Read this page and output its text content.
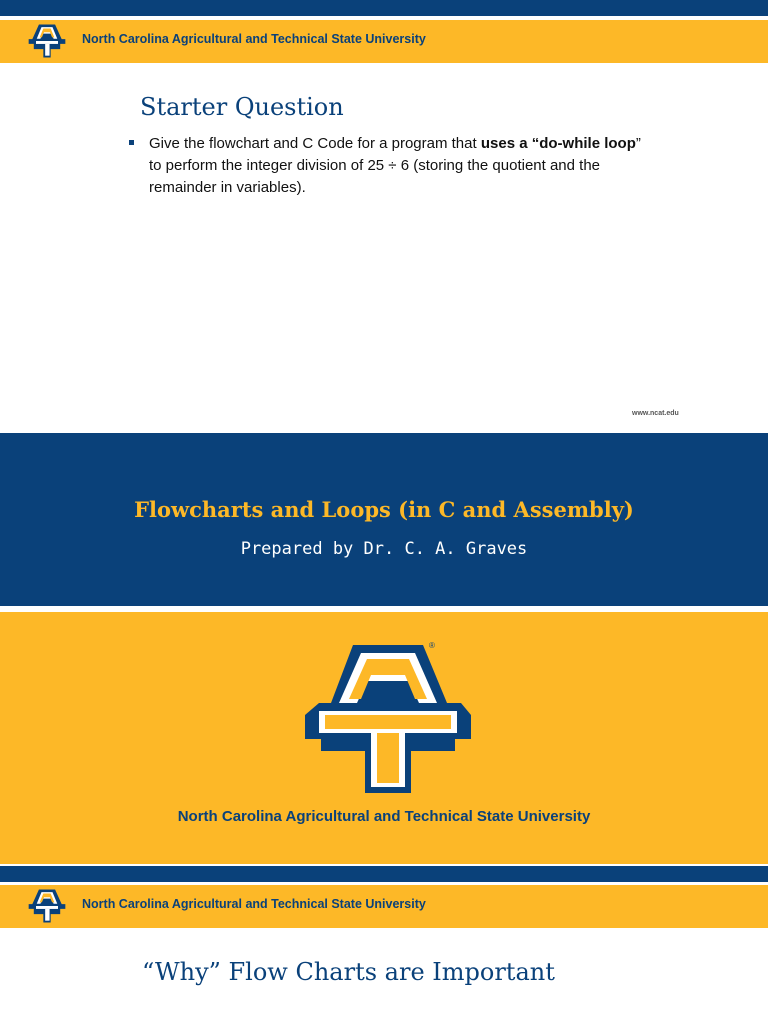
North Carolina Agricultural and Technical State University
Starter Question
Give the flowchart and C Code for a program that uses a “do-while loop”
to perform the integer division of 25 ÷ 6 (storing the quotient and the
remainder in variables).
www.ncat.edu
Flowcharts and Loops (in C and Assembly)
Prepared by Dr. C. A. Graves
®
North Carolina Agricultural and Technical State University
North Carolina Agricultural and Technical State University
“Why” Flow Charts are Important
